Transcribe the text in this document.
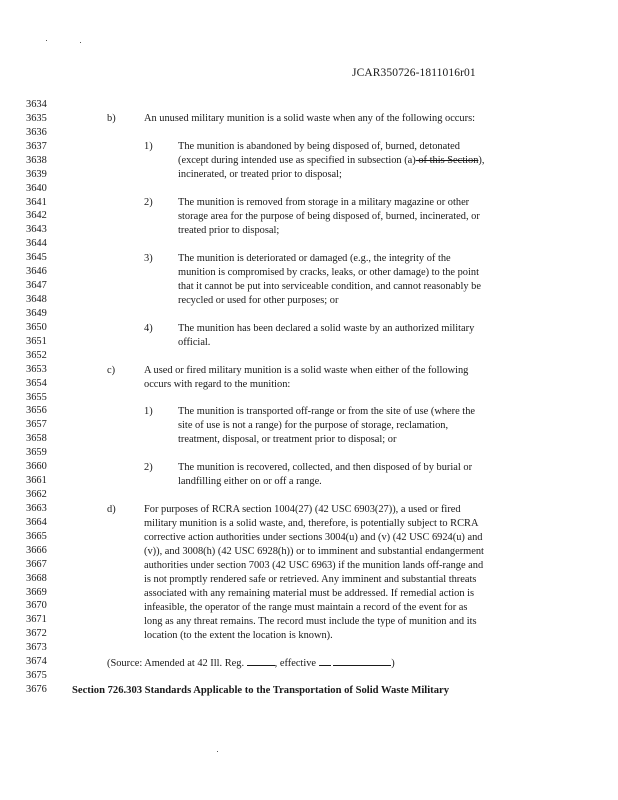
JCAR350726-1811016r01
3634
3635
3636
3637
3638
3639
3640
3641
3642
3643
3644
3645
3646
3647
3648
3649
3650
3651
3652
3653
3654
3655
3656
3657
3658
3659
3660
3661
3662
3663
3664
3665
3666
3667
3668
3669
3670
3671
3672
3673
3674
3675
3676
b)	An unused military munition is a solid waste when any of the following occurs:
1) The munition is abandoned by being disposed of, burned, detonated
(except during intended use as specified in subsection (a) of this Section),
incinerated, or treated prior to disposal;
2) The munition is removed from storage in a military magazine or other
storage area for the purpose of being disposed of, burned, incinerated, or
treated prior to disposal;
3) The munition is deteriorated or damaged (e.g., the integrity of the
munition is compromised by cracks, leaks, or other damage) to the point
that it cannot be put into serviceable condition, and cannot reasonably be
recycled or used for other purposes; or
4) The munition has been declared a solid waste by an authorized military
official.
c)	A used or fired military munition is a solid waste when either of the following
occurs with regard to the munition:
1) The munition is transported off-range or from the site of use (where the
site of use is not a range) for the purpose of storage, reclamation,
treatment, disposal, or treatment prior to disposal; or
2) The munition is recovered, collected, and then disposed of by burial or
landfilling either on or off a range.
d)	For purposes of RCRA section 1004(27) (42 USC 6903(27)), a used or fired
military munition is a solid waste, and, therefore, is potentially subject to RCRA
corrective action authorities under sections 3004(u) and (v) (42 USC 6924(u) and
(v)), and 3008(h) (42 USC 6928(h)) or to imminent and substantial endangerment
authorities under section 7003 (42 USC 6963) if the munition lands off-range and
is not promptly rendered safe or retrieved. Any imminent and substantial threats
associated with any remaining material must be addressed. If remedial action is
infeasible, the operator of the range must maintain a record of the event for as
long as any threat remains. The record must include the type of munition and its
location (to the extent the location is known).
(Source: Amended at 42 Ill. Reg.	, effective	)
Section 726.303 Standards Applicable to the Transportation of Solid Waste Military
